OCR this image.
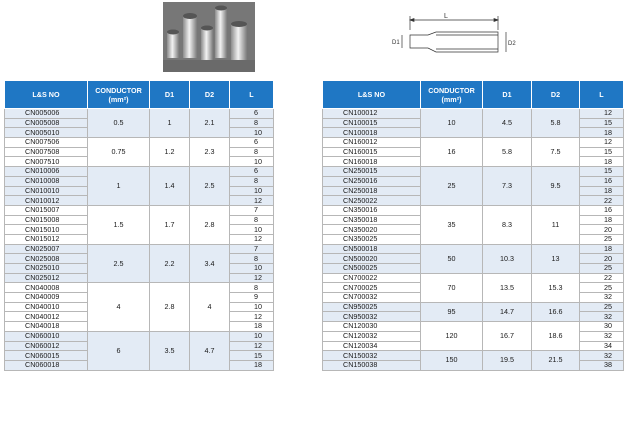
L
D1	D2
L&S NO	CONDUCTOR
(mm²)	D1	D2	L
CN005006	0.5	1	2.1	6
CN005008				8
CN005010				10
CN007506	0.75	1.2	2.3	6
CN007508				8
CN007510				10
CN010006	1	1.4	2.5	6
CN010008				8
CN010010				10
CN010012				12
CN015007	1.5	1.7	2.8	7
CN015008				8
CN015010				10
CN015012				12
CN025007	2.5	2.2	3.4	7
CN025008				8
CN025010				10
CN025012				12
CN040008	4	2.8	4	8
CN040009				9
CN040010				10
CN040012				12
CN040018				18
CN060010	6	3.5	4.7	10
CN060012				12
CN060015				15
CN060018				18
L&S NO	CONDUCTOR
(mm²)	D1	D2	L
CN100012	10	4.5	5.8	12
CN100015				15
CN100018				18
CN160012	16	5.8	7.5	12
CN160015				15
CN160018				18
CN250015	25	7.3	9.5	15
CN250016				16
CN250018				18
CN250022				22
CN350016	35	8.3	11	16
CN350018				18
CN350020				20
CN350025				25
CN500018	50	10.3	13	18
CN500020				20
CN500025				25
CN700022	70	13.5	15.3	22
CN700025				25
CN700032				32
CN950025	95	14.7	16.6	25
CN950032				32
CN120030	120	16.7	18.6	30
CN120032				32
CN120034				34
CN150032	150	19.5	21.5	32
CN150038				38
